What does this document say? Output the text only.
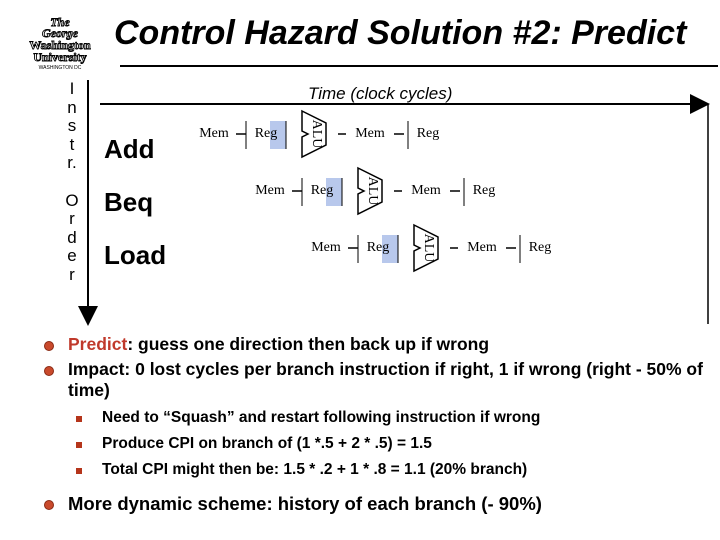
The
George
Washington
University
WASHINGTON DC
Control Hazard Solution #2: Predict
I
n
s
t
r.

O
r
d
e
r
Time (clock cycles)
Add
Beq
Load
Mem Reg ALU Mem Reg
Mem Reg ALU Mem Reg
Mem Reg ALU Mem Reg
Predict: guess one direction then back up if wrong
Impact: 0 lost cycles per branch instruction if right, 1 if wrong (right - 50% of time)
Need to “Squash” and restart following instruction if wrong
Produce CPI on branch of (1 *.5 + 2 * .5) = 1.5
Total CPI might then be: 1.5 * .2 + 1 * .8 = 1.1 (20% branch)
More dynamic scheme: history of each branch (- 90%)
